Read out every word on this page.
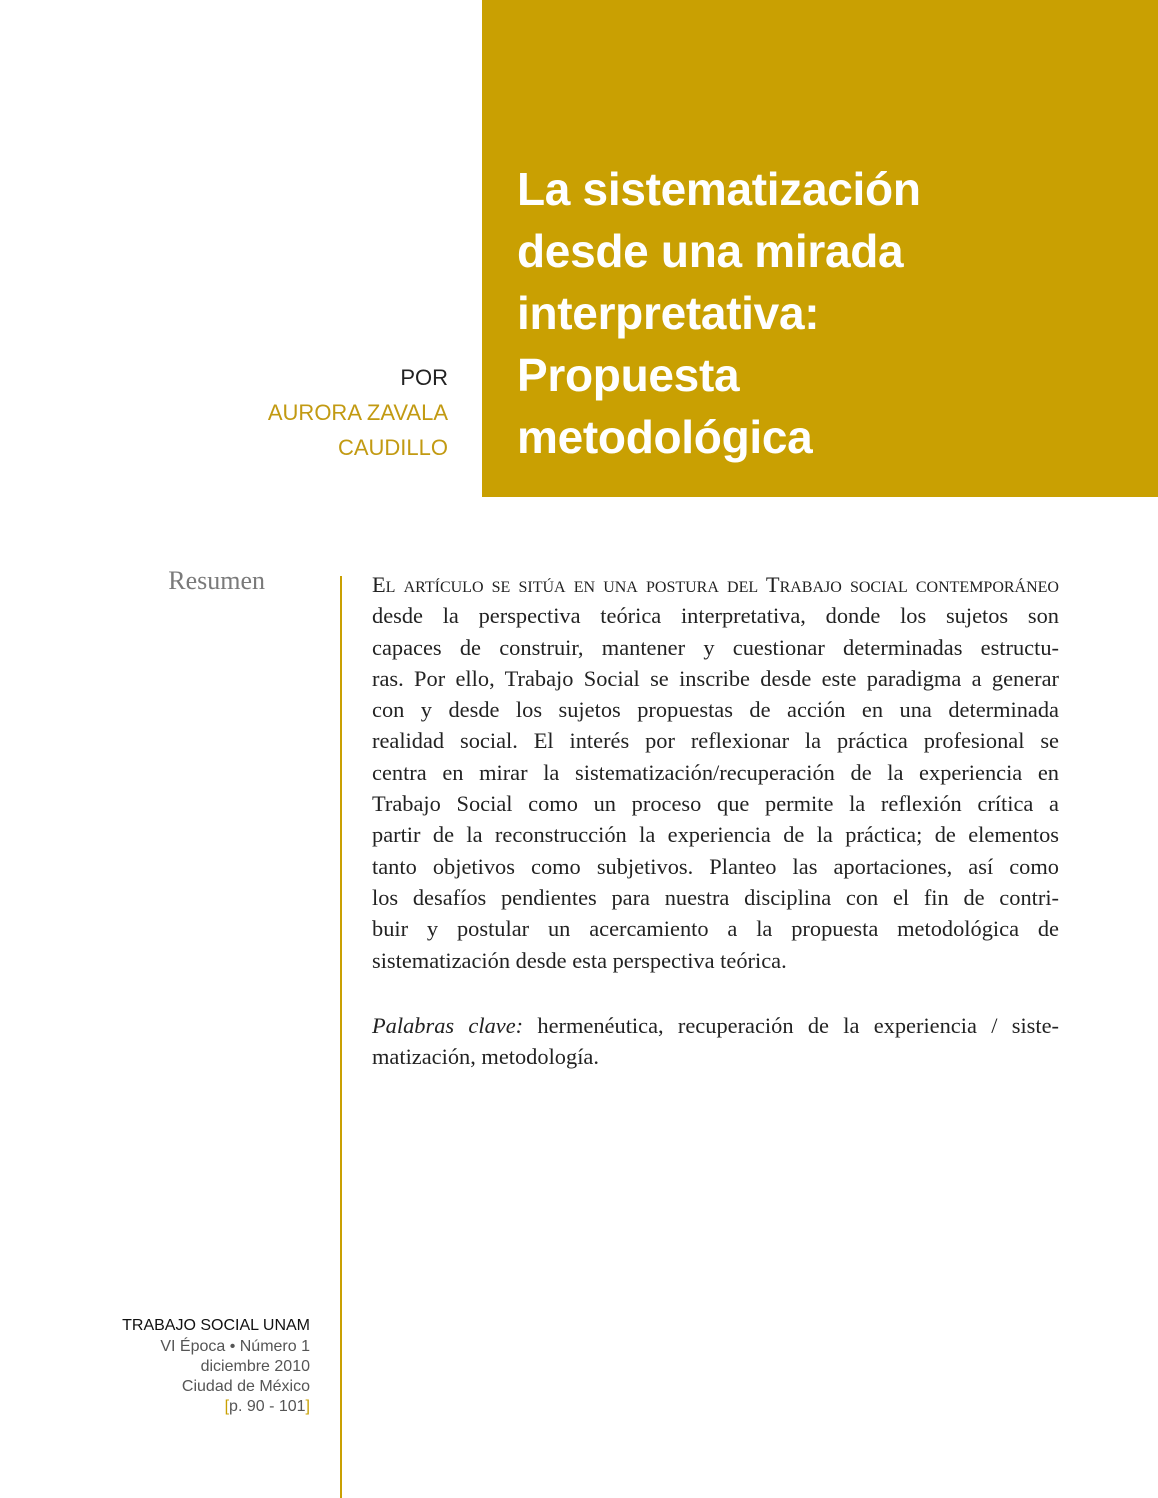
La sistematización
desde una mirada
interpretativa:
Propuesta
metodológica
POR

AURORA ZAVALA
CAUDILLO
Resumen	El artículo se sitúa en una postura del Trabajo social contemporáneo
desde la perspectiva teórica interpretativa, donde los sujetos son
capaces de construir, mantener y cuestionar determinadas estructu-
ras. Por ello, Trabajo Social se inscribe desde este paradigma a generar
con y desde los sujetos propuestas de acción en una determinada
realidad social. El interés por reflexionar la práctica profesional se
centra en mirar la sistematización/recuperación de la experiencia en
Trabajo Social como un proceso que permite la reflexión crítica a
partir de la reconstrucción la experiencia de la práctica; de elementos
tanto objetivos como subjetivos. Planteo las aportaciones, así como
los desafíos pendientes para nuestra disciplina con el fin de contri-
buir y postular un acercamiento a la propuesta metodológica de
sistematización desde esta perspectiva teórica.

Palabras clave: hermenéutica, recuperación de la experiencia / siste-
matización, metodología.

TRABAJO SOCIAL UNAM
VI Época • Número 1
diciembre 2010
Ciudad de México
[p. 90 - 101]
